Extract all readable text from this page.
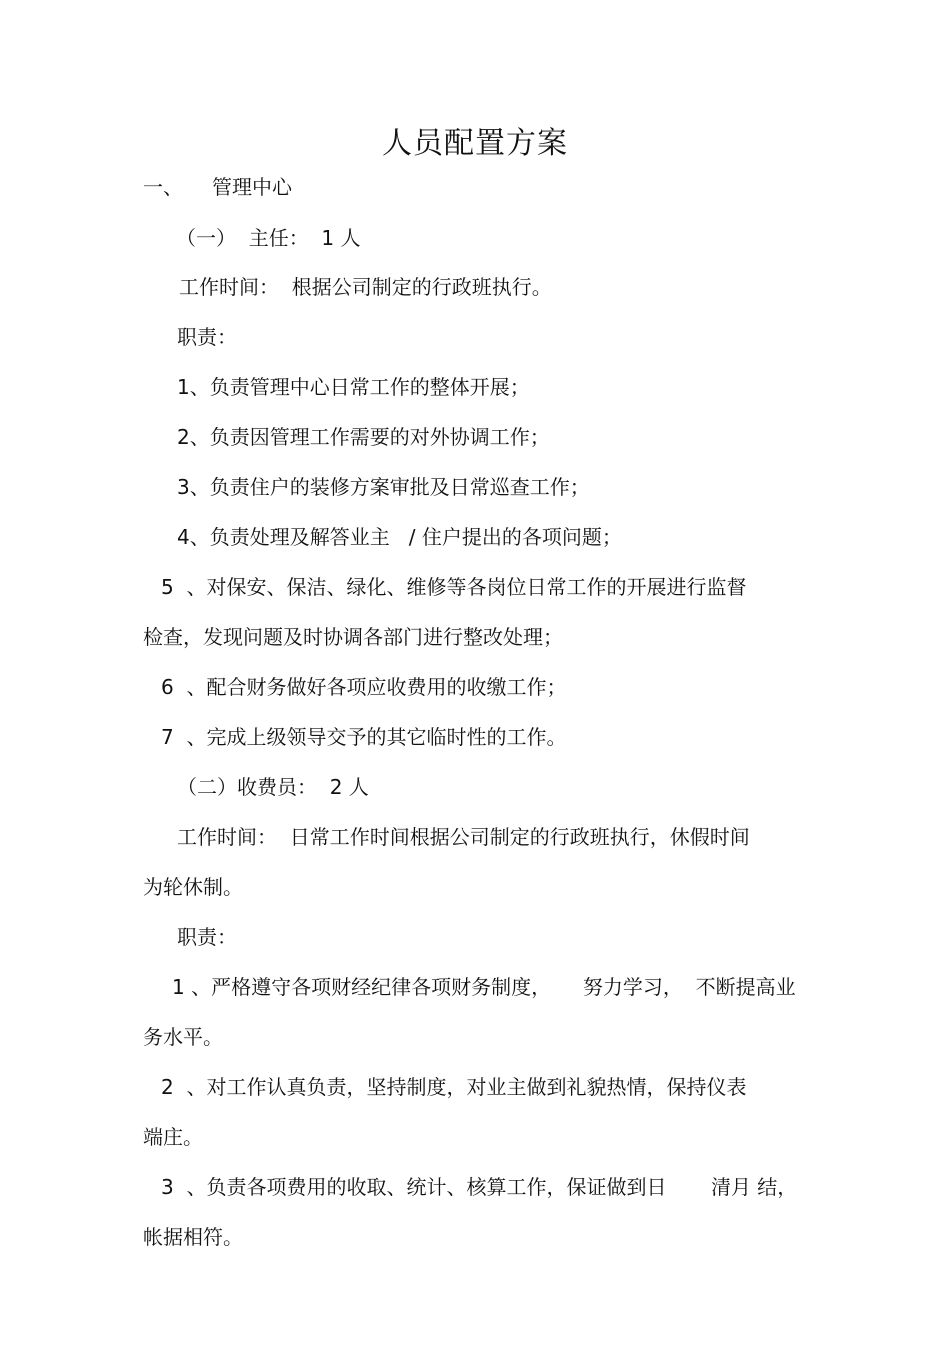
人员配置方案

一、 管理中心

（一）  主任：  1 人

工作时间：  根据公司制定的行政班执行。

职责：

1、负责管理中心日常工作的整体开展；

2、负责因管理工作需要的对外协调工作；

3、负责住户的装修方案审批及日常巡查工作；

4、负责处理及解答业主   / 住户提出的各项问题；

5  、对保安、保洁、绿化、维修等各岗位日常工作的开展进行监督

检查，发现问题及时协调各部门进行整改处理；

6  、配合财务做好各项应收费用的收缴工作；

7  、完成上级领导交予的其它临时性的工作。

（二）收费员：  2 人

工作时间：  日常工作时间根据公司制定的行政班执行，休假时间

为轮休制。

职责：

1 、严格遵守各项财经纪律各项财务制度，     努力学习，  不断提高业

务水平。

2  、对工作认真负责，坚持制度，对业主做到礼貌热情，保持仪表

端庄。

3  、负责各项费用的收取、统计、核算工作，保证做到日       清月 结，

帐据相符。
